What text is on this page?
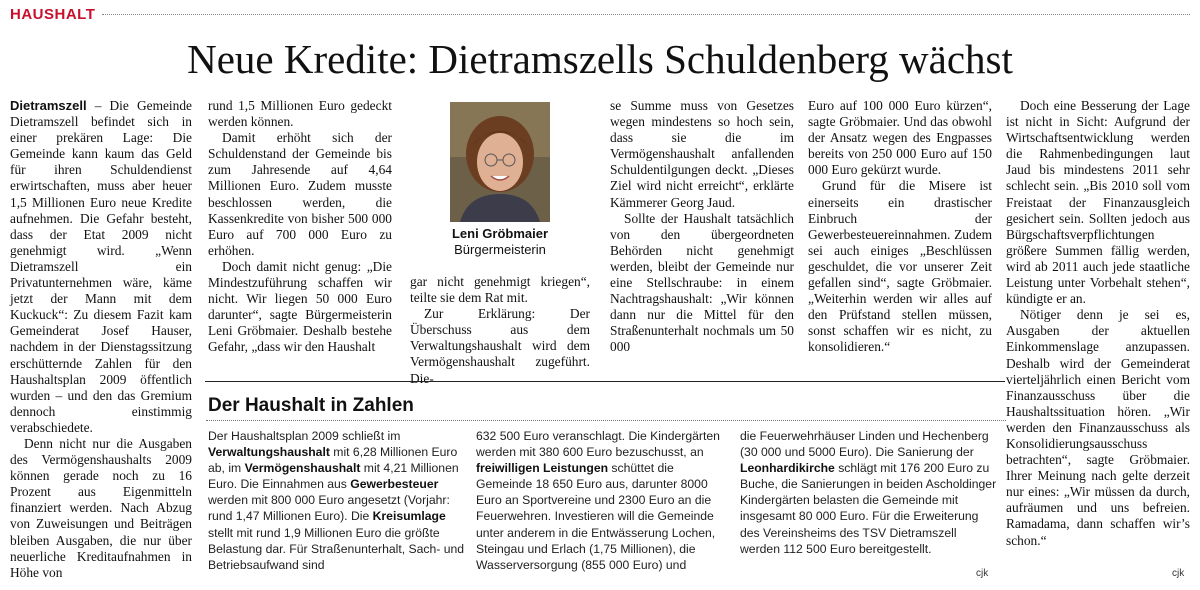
HAUSHALT
Neue Kredite: Dietramszells Schuldenberg wächst

Dietramszell – Die Gemeinde Dietramszell befindet sich in einer prekären Lage: Die Gemeinde kann kaum das Geld für ihren Schuldendienst erwirtschaften, muss aber heuer 1,5 Millionen Euro neue Kredite aufnehmen. Die Gefahr besteht, dass der Etat 2009 nicht genehmigt wird. „Wenn Dietramszell ein Privatunternehmen wäre, käme jetzt der Mann mit dem Kuckuck“: Zu diesem Fazit kam Gemeinderat Josef Hauser, nachdem in der Dienstagssitzung erschütternde Zahlen für den Haushaltsplan 2009 öffentlich wurden – und den das Gremium dennoch einstimmig verabschiedete.

Denn nicht nur die Ausgaben des Vermögenshaushalts 2009 können gerade noch zu 16 Prozent aus Eigenmitteln finanziert werden. Nach Abzug von Zuweisungen und Beiträgen bleiben Ausgaben, die nur über neuerliche Kreditaufnahmen in Höhe von

rund 1,5 Millionen Euro gedeckt werden können.

Damit erhöht sich der Schuldenstand der Gemeinde bis zum Jahresende auf 4,64 Millionen Euro. Zudem musste beschlossen werden, die Kassenkredite von bisher 500 000 Euro auf 700 000 Euro zu erhöhen.

Doch damit nicht genug: „Die Mindestzuführung schaffen wir nicht. Wir liegen 50 000 Euro darunter“, sagte Bürgermeisterin Leni Gröbmaier. Deshalb bestehe Gefahr, „dass wir den Haushalt

Leni Gröbmaier
Bürgermeisterin

gar nicht genehmigt kriegen“, teilte sie dem Rat mit.

Zur Erklärung: Der Überschuss aus dem Verwaltungshaushalt wird dem Vermögenshaushalt zugeführt. Die-

se Summe muss von Gesetzes wegen mindestens so hoch sein, dass sie die im Vermögenshaushalt anfallenden Schuldentilgungen deckt. „Dieses Ziel wird nicht erreicht“, erklärte Kämmerer Georg Jaud.

Sollte der Haushalt tatsächlich von den übergeordneten Behörden nicht genehmigt werden, bleibt der Gemeinde nur eine Stellschraube: in einem Nachtragshaushalt: „Wir können dann nur die Mittel für den Straßenunterhalt nochmals um 50 000

Euro auf 100 000 Euro kürzen“, sagte Gröbmaier. Und das obwohl der Ansatz wegen des Engpasses bereits von 250 000 Euro auf 150 000 Euro gekürzt wurde.

Grund für die Misere ist einerseits ein drastischer Einbruch der Gewerbesteuereinnahmen. Zudem sei auch einiges „Beschlüssen geschuldet, die vor unserer Zeit gefallen sind“, sagte Gröbmaier. „Weiterhin werden wir alles auf den Prüfstand stellen müssen, sonst schaffen wir es nicht, zu konsolidieren.“

Doch eine Besserung der Lage ist nicht in Sicht: Aufgrund der Wirtschaftsentwicklung werden die Rahmenbedingungen laut Jaud bis mindestens 2011 sehr schlecht sein. „Bis 2010 soll vom Freistaat der Finanzausgleich gesichert sein. Sollten jedoch aus Bürgschaftsverpflichtungen größere Summen fällig werden, wird ab 2011 auch jede staatliche Leistung unter Vorbehalt stehen“, kündigte er an.

Nötiger denn je sei es, Ausgaben der aktuellen Einkommenslage anzupassen. Deshalb wird der Gemeinderat vierteljährlich einen Bericht vom Finanzausschuss über die Haushaltssituation hören. „Wir werden den Finanzausschuss als Konsolidierungsausschuss betrachten“, sagte Gröbmaier. Ihrer Meinung nach gelte derzeit nur eines: „Wir müssen da durch, aufräumen und uns befreien. Ramadama, dann schaffen wir’s schon.“

cjk
Der Haushalt in Zahlen
Der Haushaltsplan 2009 schließt im Verwaltungshaushalt mit 6,28 Millionen Euro ab, im Vermögenshaushalt mit 4,21 Millionen Euro. Die Einnahmen aus Gewerbesteuer werden mit 800 000 Euro angesetzt (Vorjahr: rund 1,47 Millionen Euro). Die Kreisumlage stellt mit rund 1,9 Millionen Euro die größte Belastung dar. Für Straßenunterhalt, Sach- und Betriebsaufwand sind
632 500 Euro veranschlagt. Die Kindergärten werden mit 380 600 Euro bezuschusst, an freiwilligen Leistungen schüttet die Gemeinde 18 650 Euro aus, darunter 8000 Euro an Sportvereine und 2300 Euro an die Feuerwehren. Investieren will die Gemeinde unter anderem in die Entwässerung Lochen, Steingau und Erlach (1,75 Millionen), die Wasserversorgung (855 000 Euro) und
die Feuerwehrhäuser Linden und Hechenberg (30 000 und 5000 Euro). Die Sanierung der Leonhardikirche schlägt mit 176 200 Euro zu Buche, die Sanierungen in beiden Ascholdinger Kindergärten belasten die Gemeinde mit insgesamt 80 000 Euro. Für die Erweiterung des Vereinsheims des TSV Dietramszell werden 112 500 Euro bereitgestellt.
cjk
